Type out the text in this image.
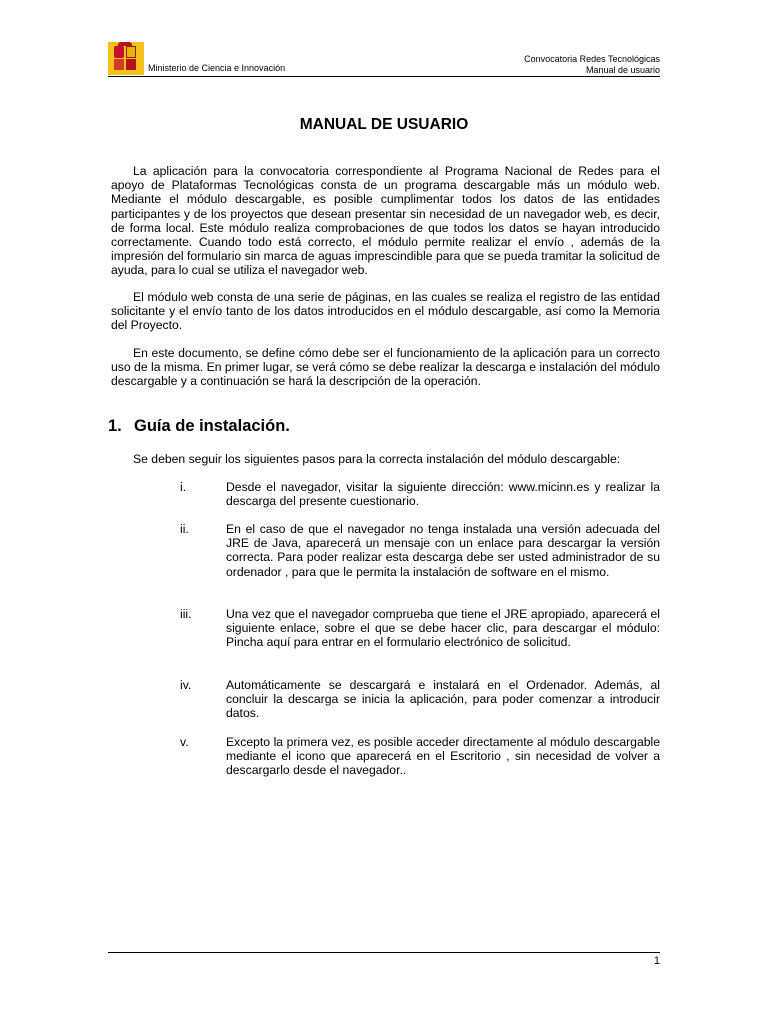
Ministerio de Ciencia e Innovación
Convocatoria Redes Tecnológicas
Manual de usuario
MANUAL DE USUARIO
La aplicación para la convocatoria correspondiente al Programa Nacional de Redes para el apoyo de Plataformas Tecnológicas consta de un programa descargable más un módulo web. Mediante el módulo descargable, es posible cumplimentar todos los datos de las entidades participantes y de los proyectos que desean presentar sin necesidad de un navegador web, es decir, de forma local. Este módulo realiza comprobaciones de que todos los datos se hayan introducido correctamente. Cuando todo está correcto, el módulo permite realizar el envío , además de la impresión del formulario sin marca de aguas imprescindible para que se pueda tramitar la solicitud de ayuda, para lo cual se utiliza el navegador web.
El módulo web consta de una serie de páginas, en las cuales se realiza el registro de las entidad solicitante y el envío tanto de los datos introducidos en el módulo descargable, así como la Memoria del Proyecto.
En este documento, se define cómo debe ser el funcionamiento de la aplicación para un correcto uso de la misma. En primer lugar, se verá cómo se debe realizar la descarga e instalación del módulo descargable y a continuación se hará la descripción de la operación.
1. Guía de instalación.
Se deben seguir los siguientes pasos para la correcta instalación del módulo descargable:
i.	Desde el navegador, visitar la siguiente dirección: www.micinn.es y realizar la descarga del presente cuestionario.
ii.	En el caso de que el navegador no tenga instalada una versión adecuada del JRE de Java, aparecerá un mensaje con un enlace para descargar la versión correcta. Para poder realizar esta descarga debe ser usted administrador de su ordenador , para que le permita la instalación de software en el mismo.
iii.	Una vez que el navegador comprueba que tiene el JRE apropiado, aparecerá el siguiente enlace, sobre el que se debe hacer clic, para descargar el módulo: Pincha aquí para entrar en el formulario electrónico de solicitud.
iv.	Automáticamente se descargará e instalará en el Ordenador. Además, al concluir la descarga se inicia la aplicación, para poder comenzar a introducir datos.
v.	Excepto la primera vez, es posible acceder directamente al módulo descargable mediante el icono que aparecerá en el Escritorio , sin necesidad de volver a descargarlo desde el navegador..
1
